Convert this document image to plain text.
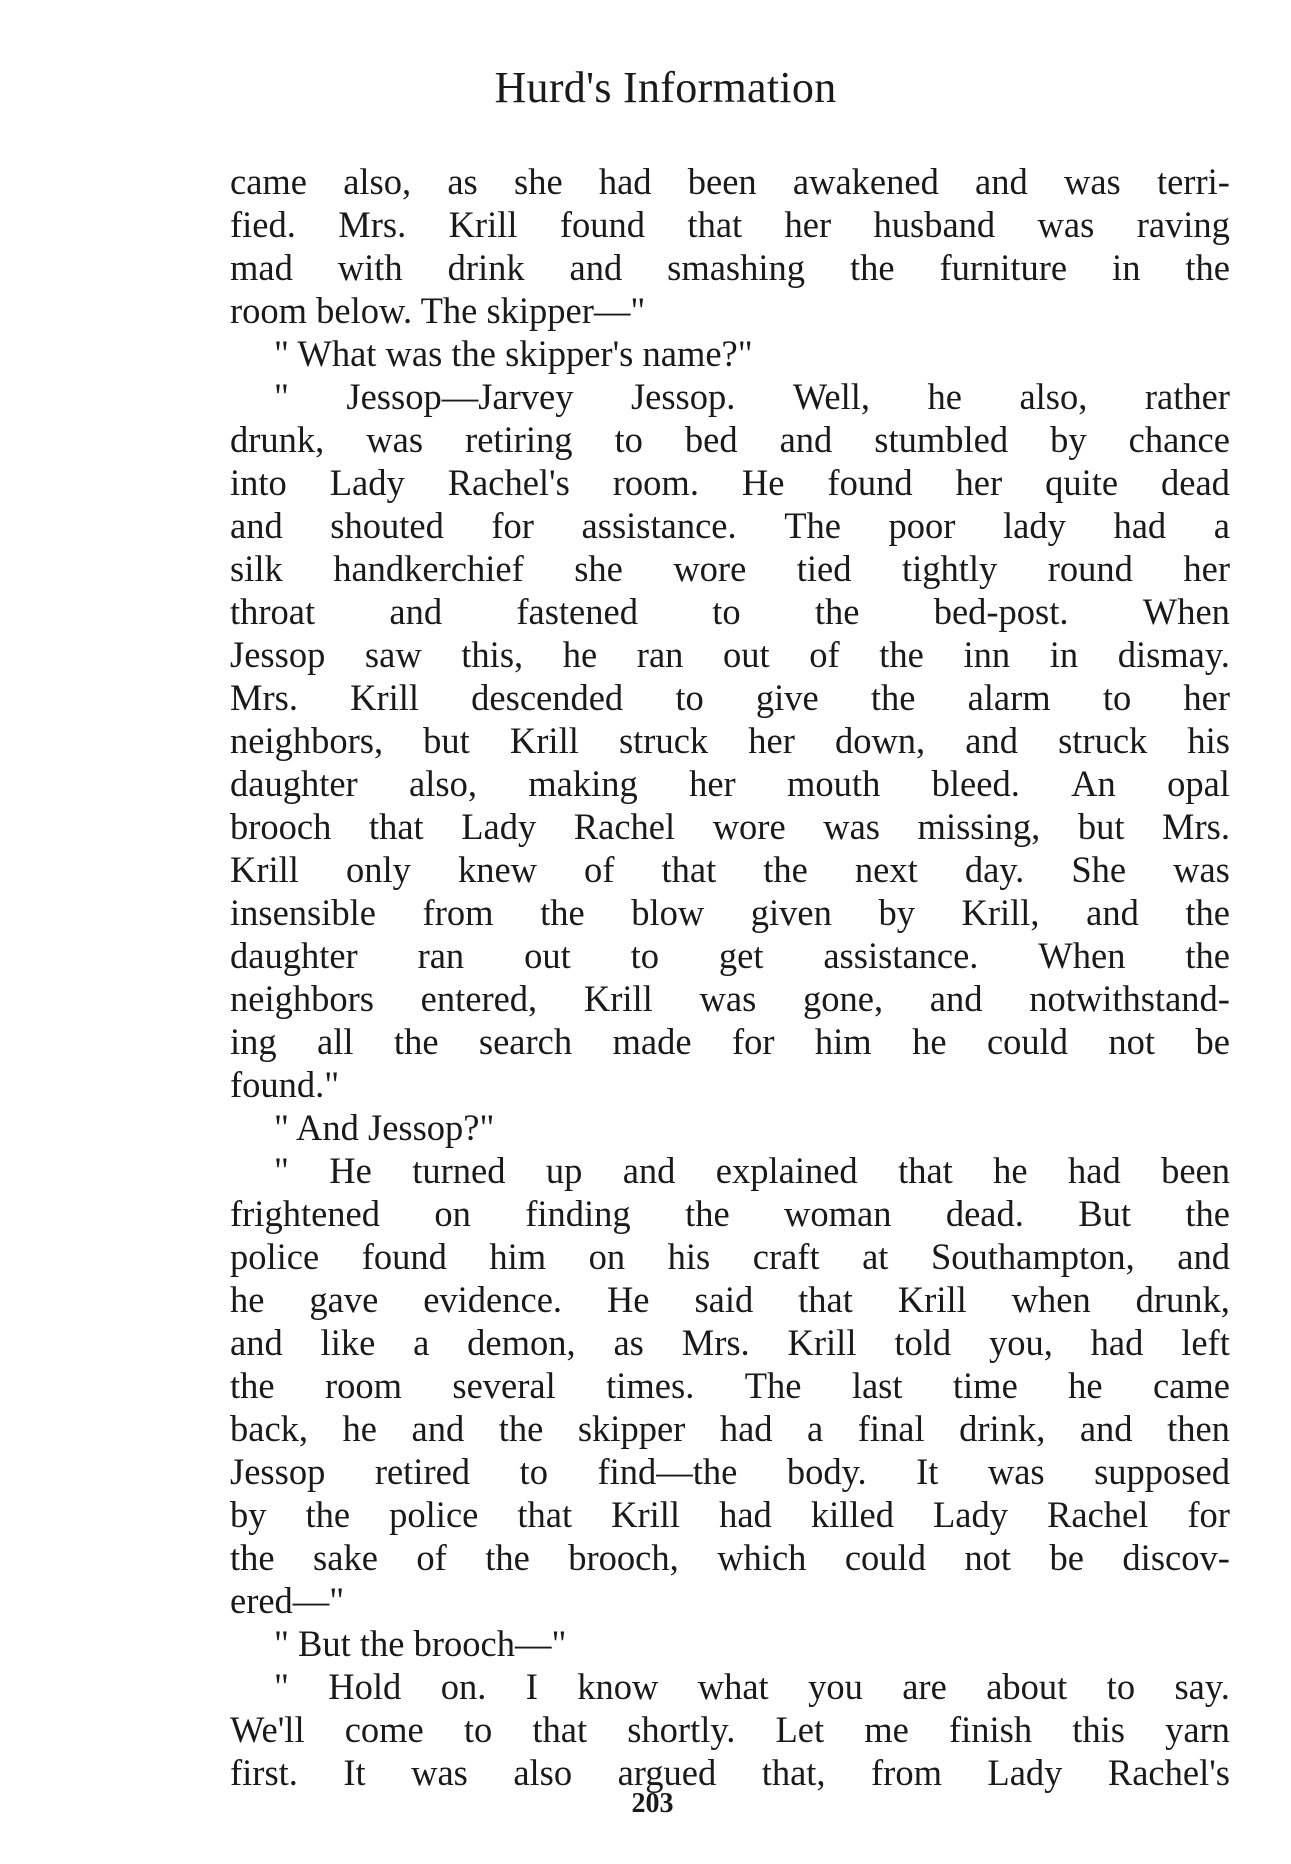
Hurd's Information
came also, as she had been awakened and was terri-
fied. Mrs. Krill found that her husband was raving
mad with drink and smashing the furniture in the
room below. The skipper—"
" What was the skipper's name?"
" Jessop—Jarvey Jessop. Well, he also, rather
drunk, was retiring to bed and stumbled by chance
into Lady Rachel's room. He found her quite dead
and shouted for assistance. The poor lady had a
silk handkerchief she wore tied tightly round her
throat and fastened to the bed-post. When
Jessop saw this, he ran out of the inn in dismay.
Mrs. Krill descended to give the alarm to her
neighbors, but Krill struck her down, and struck his
daughter also, making her mouth bleed. An opal
brooch that Lady Rachel wore was missing, but Mrs.
Krill only knew of that the next day. She was
insensible from the blow given by Krill, and the
daughter ran out to get assistance. When the
neighbors entered, Krill was gone, and notwithstand-
ing all the search made for him he could not be
found."
" And Jessop?"
" He turned up and explained that he had been
frightened on finding the woman dead. But the
police found him on his craft at Southampton, and
he gave evidence. He said that Krill when drunk,
and like a demon, as Mrs. Krill told you, had left
the room several times. The last time he came
back, he and the skipper had a final drink, and then
Jessop retired to find—the body. It was supposed
by the police that Krill had killed Lady Rachel for
the sake of the brooch, which could not be discov-
ered—"
" But the brooch—"
" Hold on. I know what you are about to say.
We'll come to that shortly. Let me finish this yarn
first. It was also argued that, from Lady Rachel's
203
